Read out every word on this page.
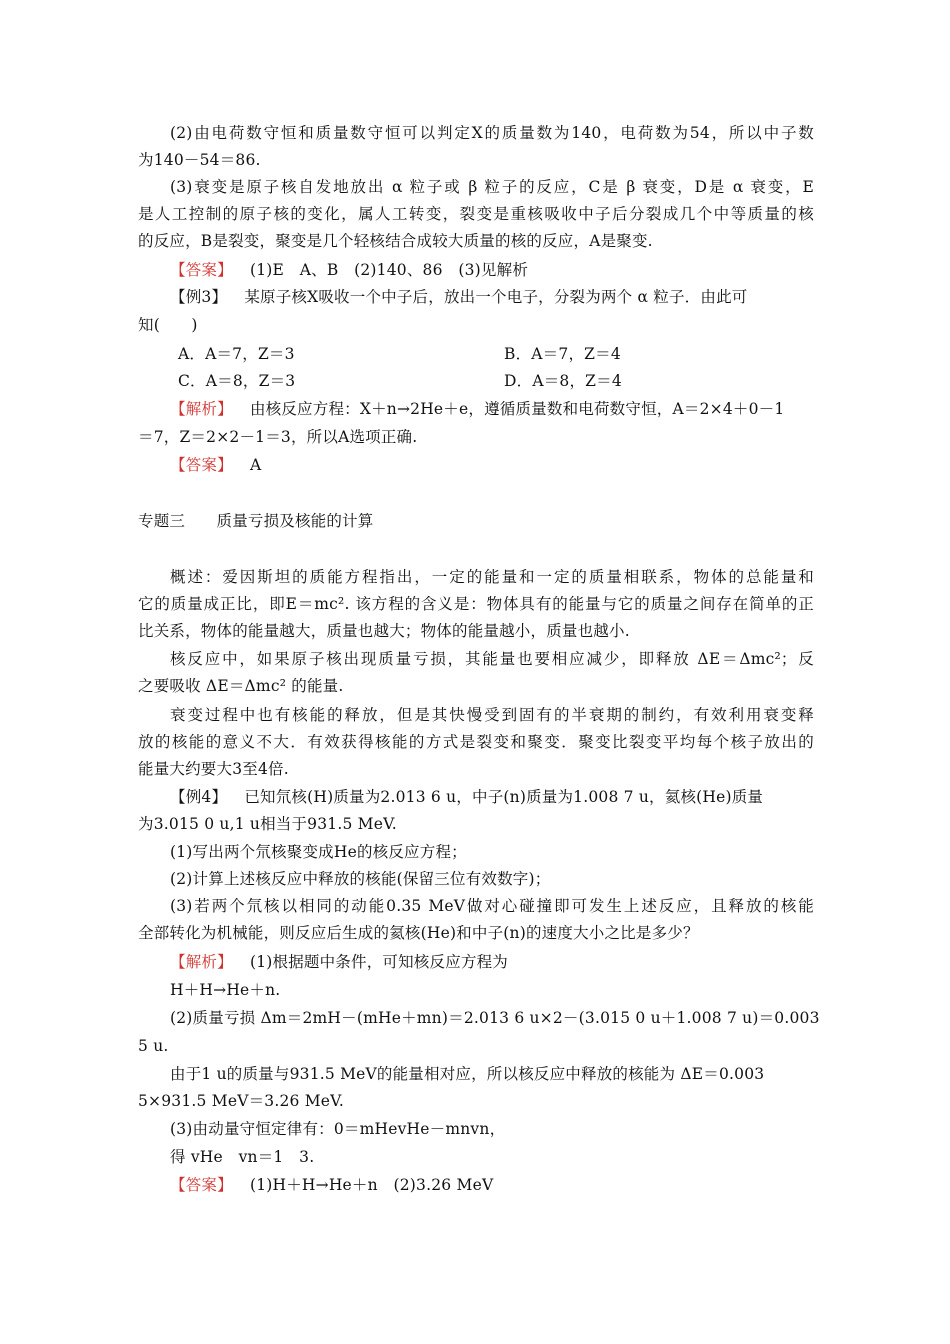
(2)由电荷数守恒和质量数守恒可以判定X的质量数为140，电荷数为54，所以中子数
为140－54＝86.
(3)衰变是原子核自发地放出 α 粒子或 β 粒子的反应，C是 β 衰变，D是 α 衰变，E
是人工控制的原子核的变化，属人工转变，裂变是重核吸收中子后分裂成几个中等质量的核
的反应，B是裂变，聚变是几个轻核结合成较大质量的核的反应，A是聚变.
【答案】 (1)E　A、B　(2)140、86　(3)见解析
【例3】 某原子核X吸收一个中子后，放出一个电子，分裂为两个 α 粒子．由此可
知(　　)
A．A＝7，Z＝3	B．A＝7，Z＝4
C．A＝8，Z＝3	D．A＝8，Z＝4
【解析】 由核反应方程：X＋n→2He＋e，遵循质量数和电荷数守恒，A＝2×4＋0－1
＝7，Z＝2×2－1＝3，所以A选项正确.
【答案】 A
专题三　　质量亏损及核能的计算
概述：爱因斯坦的质能方程指出，一定的能量和一定的质量相联系，物体的总能量和
它的质量成正比，即E＝mc². 该方程的含义是：物体具有的能量与它的质量之间存在简单的正
比关系，物体的能量越大，质量也越大；物体的能量越小，质量也越小.
核反应中，如果原子核出现质量亏损，其能量也要相应减少，即释放 ΔE＝Δmc²；反
之要吸收 ΔE＝Δmc² 的能量.
衰变过程中也有核能的释放，但是其快慢受到固有的半衰期的制约，有效利用衰变释
放的核能的意义不大．有效获得核能的方式是裂变和聚变．聚变比裂变平均每个核子放出的
能量大约要大3至4倍.
【例4】 已知氘核(H)质量为2.013 6 u，中子(n)质量为1.008 7 u，氦核(He)质量
为3.015 0 u,1 u相当于931.5 MeV.
(1)写出两个氘核聚变成He的核反应方程；
(2)计算上述核反应中释放的核能(保留三位有效数字)；
(3)若两个氘核以相同的动能0.35 MeV做对心碰撞即可发生上述反应，且释放的核能
全部转化为机械能，则反应后生成的氦核(He)和中子(n)的速度大小之比是多少？
【解析】 (1)根据题中条件，可知核反应方程为
H＋H→He＋n.
(2)质量亏损 Δm＝2mH－(mHe＋mn)＝2.013 6 u×2－(3.015 0 u＋1.008 7 u)＝0.003
5 u.
由于1 u的质量与931.5 MeV的能量相对应，所以核反应中释放的核能为 ΔE＝0.003
5×931.5 MeV＝3.26 MeV.
(3)由动量守恒定律有：0＝mHevHe－mnvn，
得 vHe　vn＝1　3.
【答案】 (1)H＋H→He＋n　(2)3.26 MeV
